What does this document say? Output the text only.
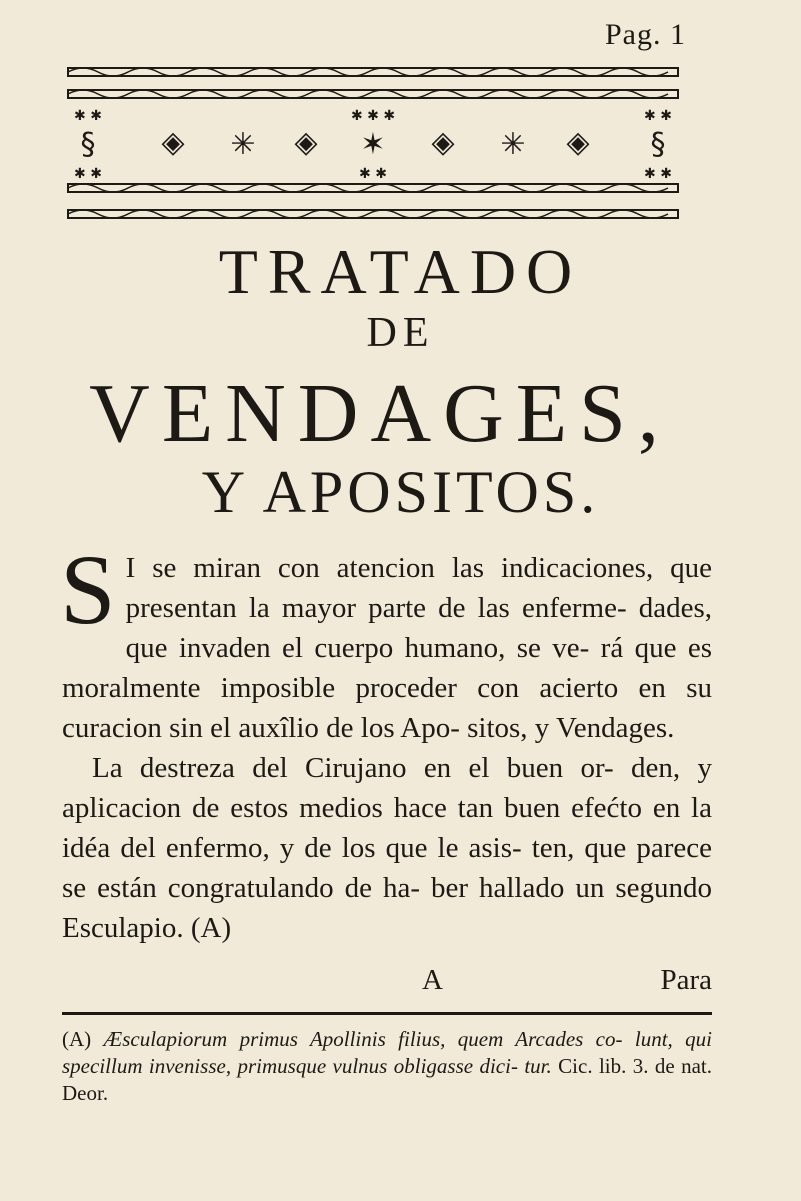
Pag. 1
§ ◈ ✳ ◈ ✶ ◈ ✳ ◈ §
✱ ✱
✱ ✱
✱ ✱ ✱
✱ ✱
✱ ✱
✱ ✱
TRATADO
DE
VENDAGES,
Y APOSITOS.

S I se miran con atencion las indicaciones, que presentan la mayor parte de las enferme- dades, que invaden el cuerpo humano, se ve- rá que es moralmente imposible proceder con acierto en su curacion sin el auxîlio de los Apo- sitos, y Vendages.

La destreza del Cirujano en el buen or- den, y aplicacion de estos medios hace tan buen efećto en la idéa del enfermo, y de los que le asis- ten, que parece se están congratulando de ha- ber hallado un segundo Esculapio. (A)

A	Para
(A) Æsculapiorum primus Apollinis filius, quem Arcades co- lunt, qui specillum invenisse, primusque vulnus obligasse dici- tur. Cic. lib. 3. de nat. Deor.
